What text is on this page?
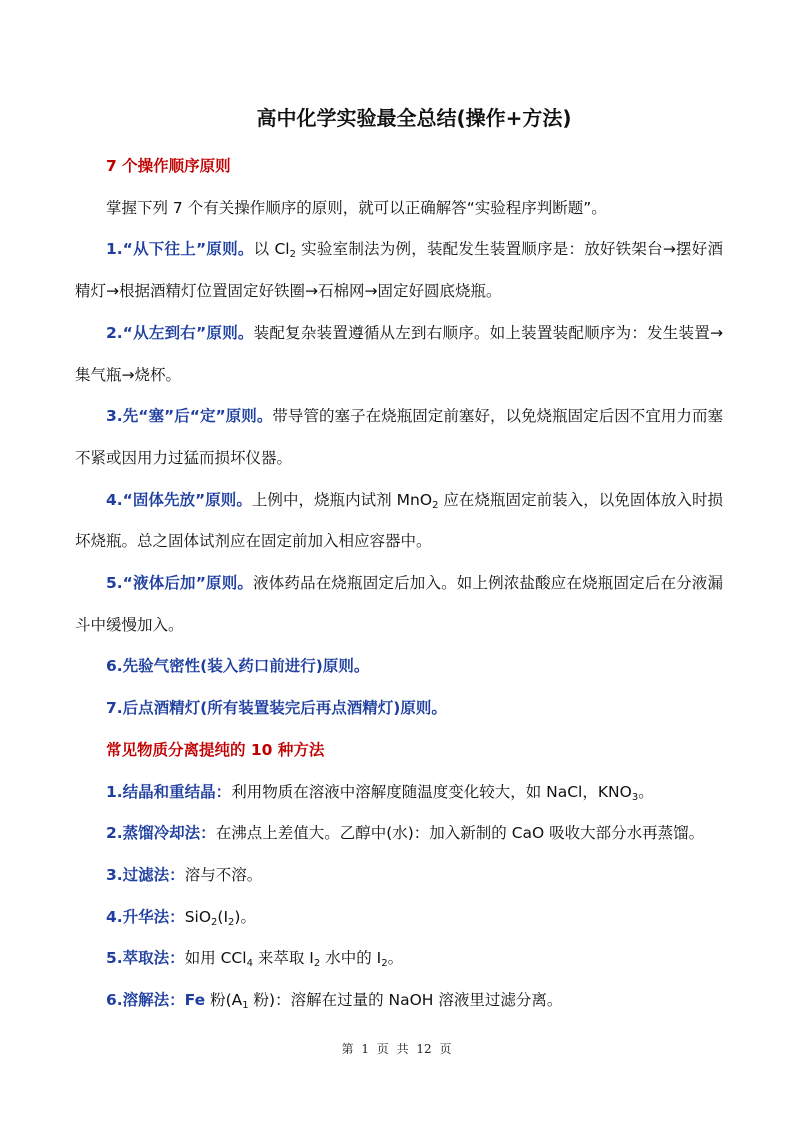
高中化学实验最全总结(操作+方法)

7 个操作顺序原则

掌握下列 7 个有关操作顺序的原则，就可以正确解答“实验程序判断题”。

1.“从下往上”原则。以 $Cl_2$ 实验室制法为例，装配发生装置顺序是：放好铁架台→摆好酒精灯→根据酒精灯位置固定好铁圈→石棉网→固定好圆底烧瓶。

2.“从左到右”原则。装配复杂装置遵循从左到右顺序。如上装置装配顺序为：发生装置→集气瓶→烧杯。

3.先“塞”后“定”原则。带导管的塞子在烧瓶固定前塞好，以免烧瓶固定后因不宜用力而塞不紧或因用力过猛而损坏仪器。

4.“固体先放”原则。上例中，烧瓶内试剂 MnO$_2$ 应在烧瓶固定前装入，以免固体放入时损坏烧瓶。总之固体试剂应在固定前加入相应容器中。

5.“液体后加”原则。液体药品在烧瓶固定后加入。如上例浓盐酸应在烧瓶固定后在分液漏斗中缓慢加入。

6.先验气密性(装入药口前进行)原则。

7.后点酒精灯(所有装置装完后再点酒精灯)原则。

常见物质分离提纯的 10 种方法

1.结晶和重结晶：利用物质在溶液中溶解度随温度变化较大，如 NaCl，$KNO_3$。

2.蒸馏冷却法：在沸点上差值大。乙醇中(水)：加入新制的 CaO 吸收大部分水再蒸馏。

3.过滤法：溶与不溶。

4.升华法：$SiO_2(I_2)$。

5.萃取法：如用 CCl$_4$ 来萃取 $I_2$ 水中的 $I_2$。

6.溶解法：Fe 粉($A_1$ 粉)：溶解在过量的 NaOH 溶液里过滤分离。

第 1 页 共 12 页
